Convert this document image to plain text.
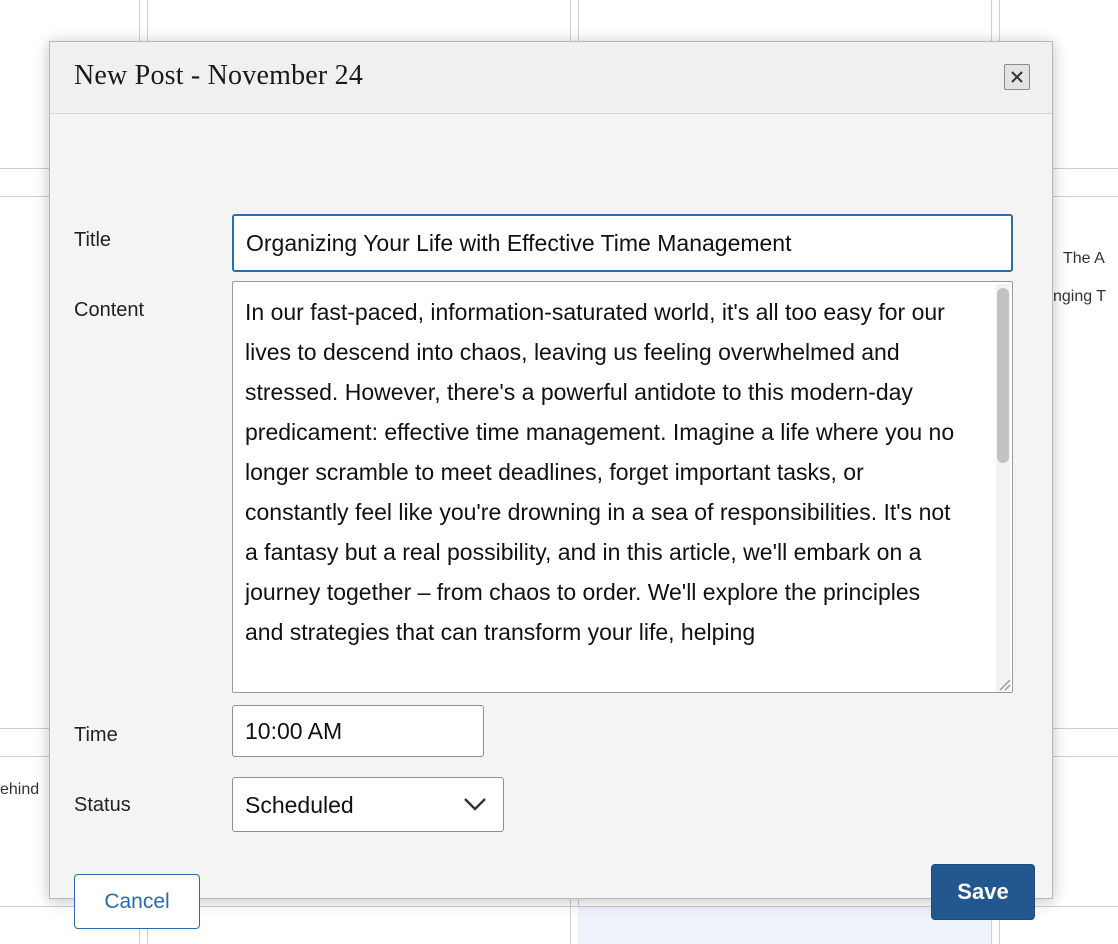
The A
nging T
ehind
New Post - November 24
Title
Organizing Your Life with Effective Time Management
Content
In our fast-paced, information-saturated world, it's all too easy for our lives to descend into chaos, leaving us feeling overwhelmed and stressed. However, there's a powerful antidote to this modern-day predicament: effective time management. Imagine a life where you no longer scramble to meet deadlines, forget important tasks, or constantly feel like you're drowning in a sea of responsibilities. It's not a fantasy but a real possibility, and in this article, we'll embark on a journey together – from chaos to order. We'll explore the principles and strategies that can transform your life, helping
Time
10:00 AM
Status
Scheduled
Cancel	Save
